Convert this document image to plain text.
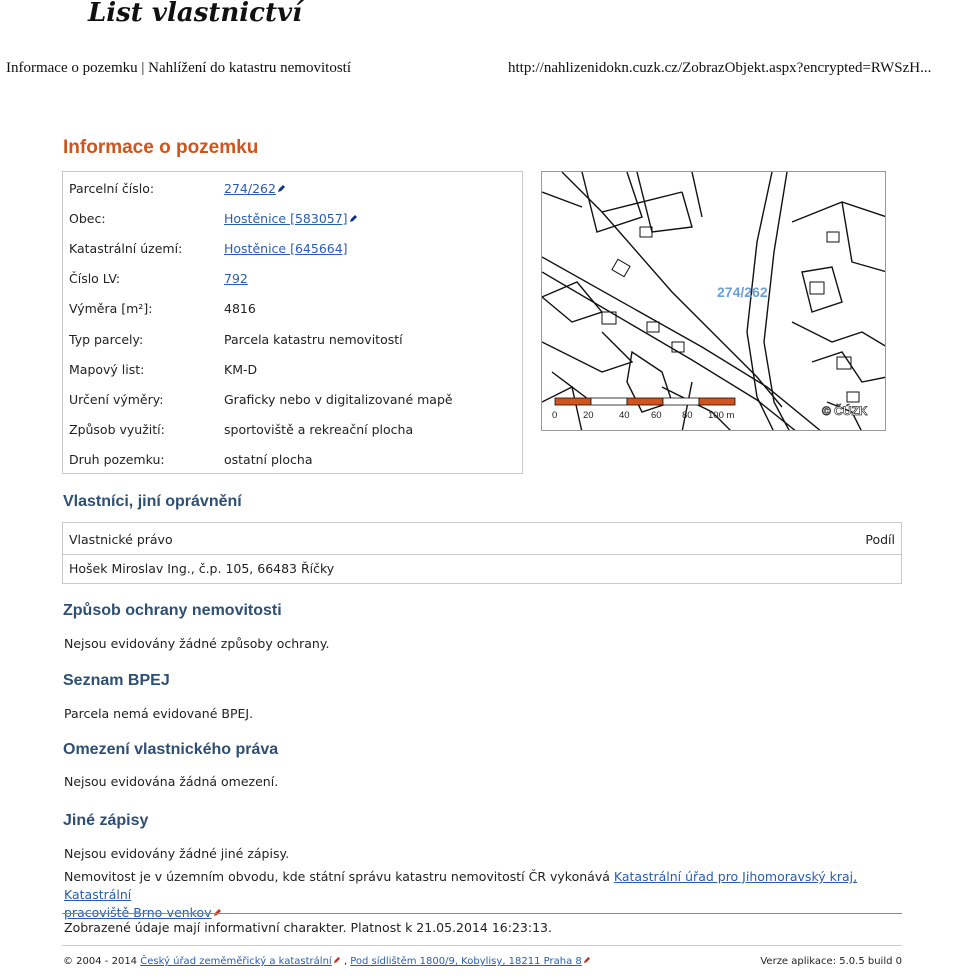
List vlastnictví
Informace o pozemku | Nahlížení do katastru nemovitostí	http://nahlizenidokn.cuzk.cz/ZobrazObjekt.aspx?encrypted=RWSzH...
Informace o pozemku
Parcelní číslo:	274/262
Obec:	Hostěnice [583057]
Katastrální území:	Hostěnice [645664]
Číslo LV:	792
Výměra [m²]:	4816
Typ parcely:	Parcela katastru nemovitostí
Mapový list:	KM-D
Určení výměry:	Graficky nebo v digitalizované mapě
Způsob využití:	sportoviště a rekreační plocha
Druh pozemku:	ostatní plocha
274/262
0	20	40 60 80 100 m	© ČÚZK
Vlastníci, jiní oprávnění
Vlastnické právo	Podíl
Hošek Miroslav Ing., č.p. 105, 66483 Říčky
Způsob ochrany nemovitosti

Nejsou evidovány žádné způsoby ochrany.

Seznam BPEJ

Parcela nemá evidované BPEJ.

Omezení vlastnického práva

Nejsou evidována žádná omezení.

Jiné zápisy

Nejsou evidovány žádné jiné zápisy.

Nemovitost je v územním obvodu, kde státní správu katastru nemovitostí ČR vykonává Katastrální úřad pro Jihomoravský kraj, Katastrální
pracoviště Brno-venkov

Zobrazené údaje mají informativní charakter. Platnost k 21.05.2014 16:23:13.

© 2004 - 2014 Český úřad zeměměřický a katastrální , Pod sídlištěm 1800/9, Kobylisy, 18211 Praha 8	Verze aplikace: 5.0.5 build 0
